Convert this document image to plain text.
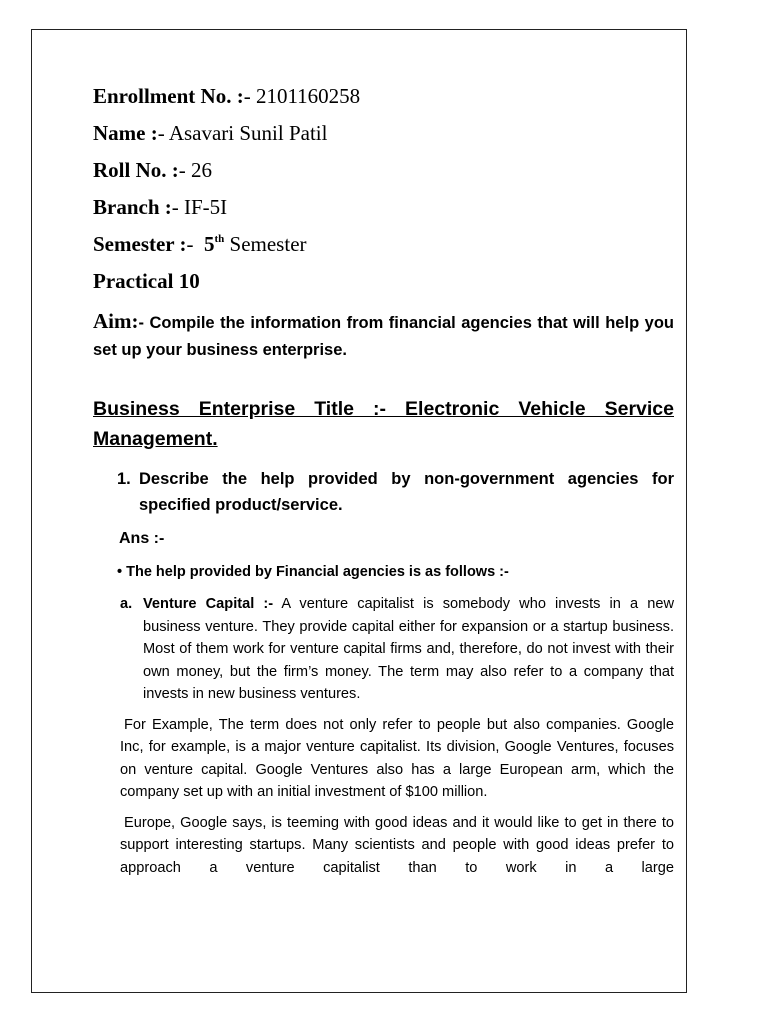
Enrollment No. :- 2101160258
Name :- Asavari Sunil Patil
Roll No. :- 26
Branch :- IF-5I
Semester :-  5th Semester
Practical 10
Aim:- Compile the information from financial agencies that will help you set up your business enterprise.
Business Enterprise Title :- Electronic Vehicle Service Management.
1. Describe the help provided by non-government agencies for specified product/service.
Ans :-
• The help provided by Financial agencies is as follows :-
a. Venture Capital :- A venture capitalist is somebody who invests in a new business venture. They provide capital either for expansion or a startup business. Most of them work for venture capital firms and, therefore, do not invest with their own money, but the firm’s money. The term may also refer to a company that invests in new business ventures.
For Example, The term does not only refer to people but also companies. Google Inc, for example, is a major venture capitalist. Its division, Google Ventures, focuses on venture capital. Google Ventures also has a large European arm, which the company set up with an initial investment of $100 million.
Europe, Google says, is teeming with good ideas and it would like to get in there to support interesting startups. Many scientists and people with good ideas prefer to approach a venture capitalist than to work in a large
